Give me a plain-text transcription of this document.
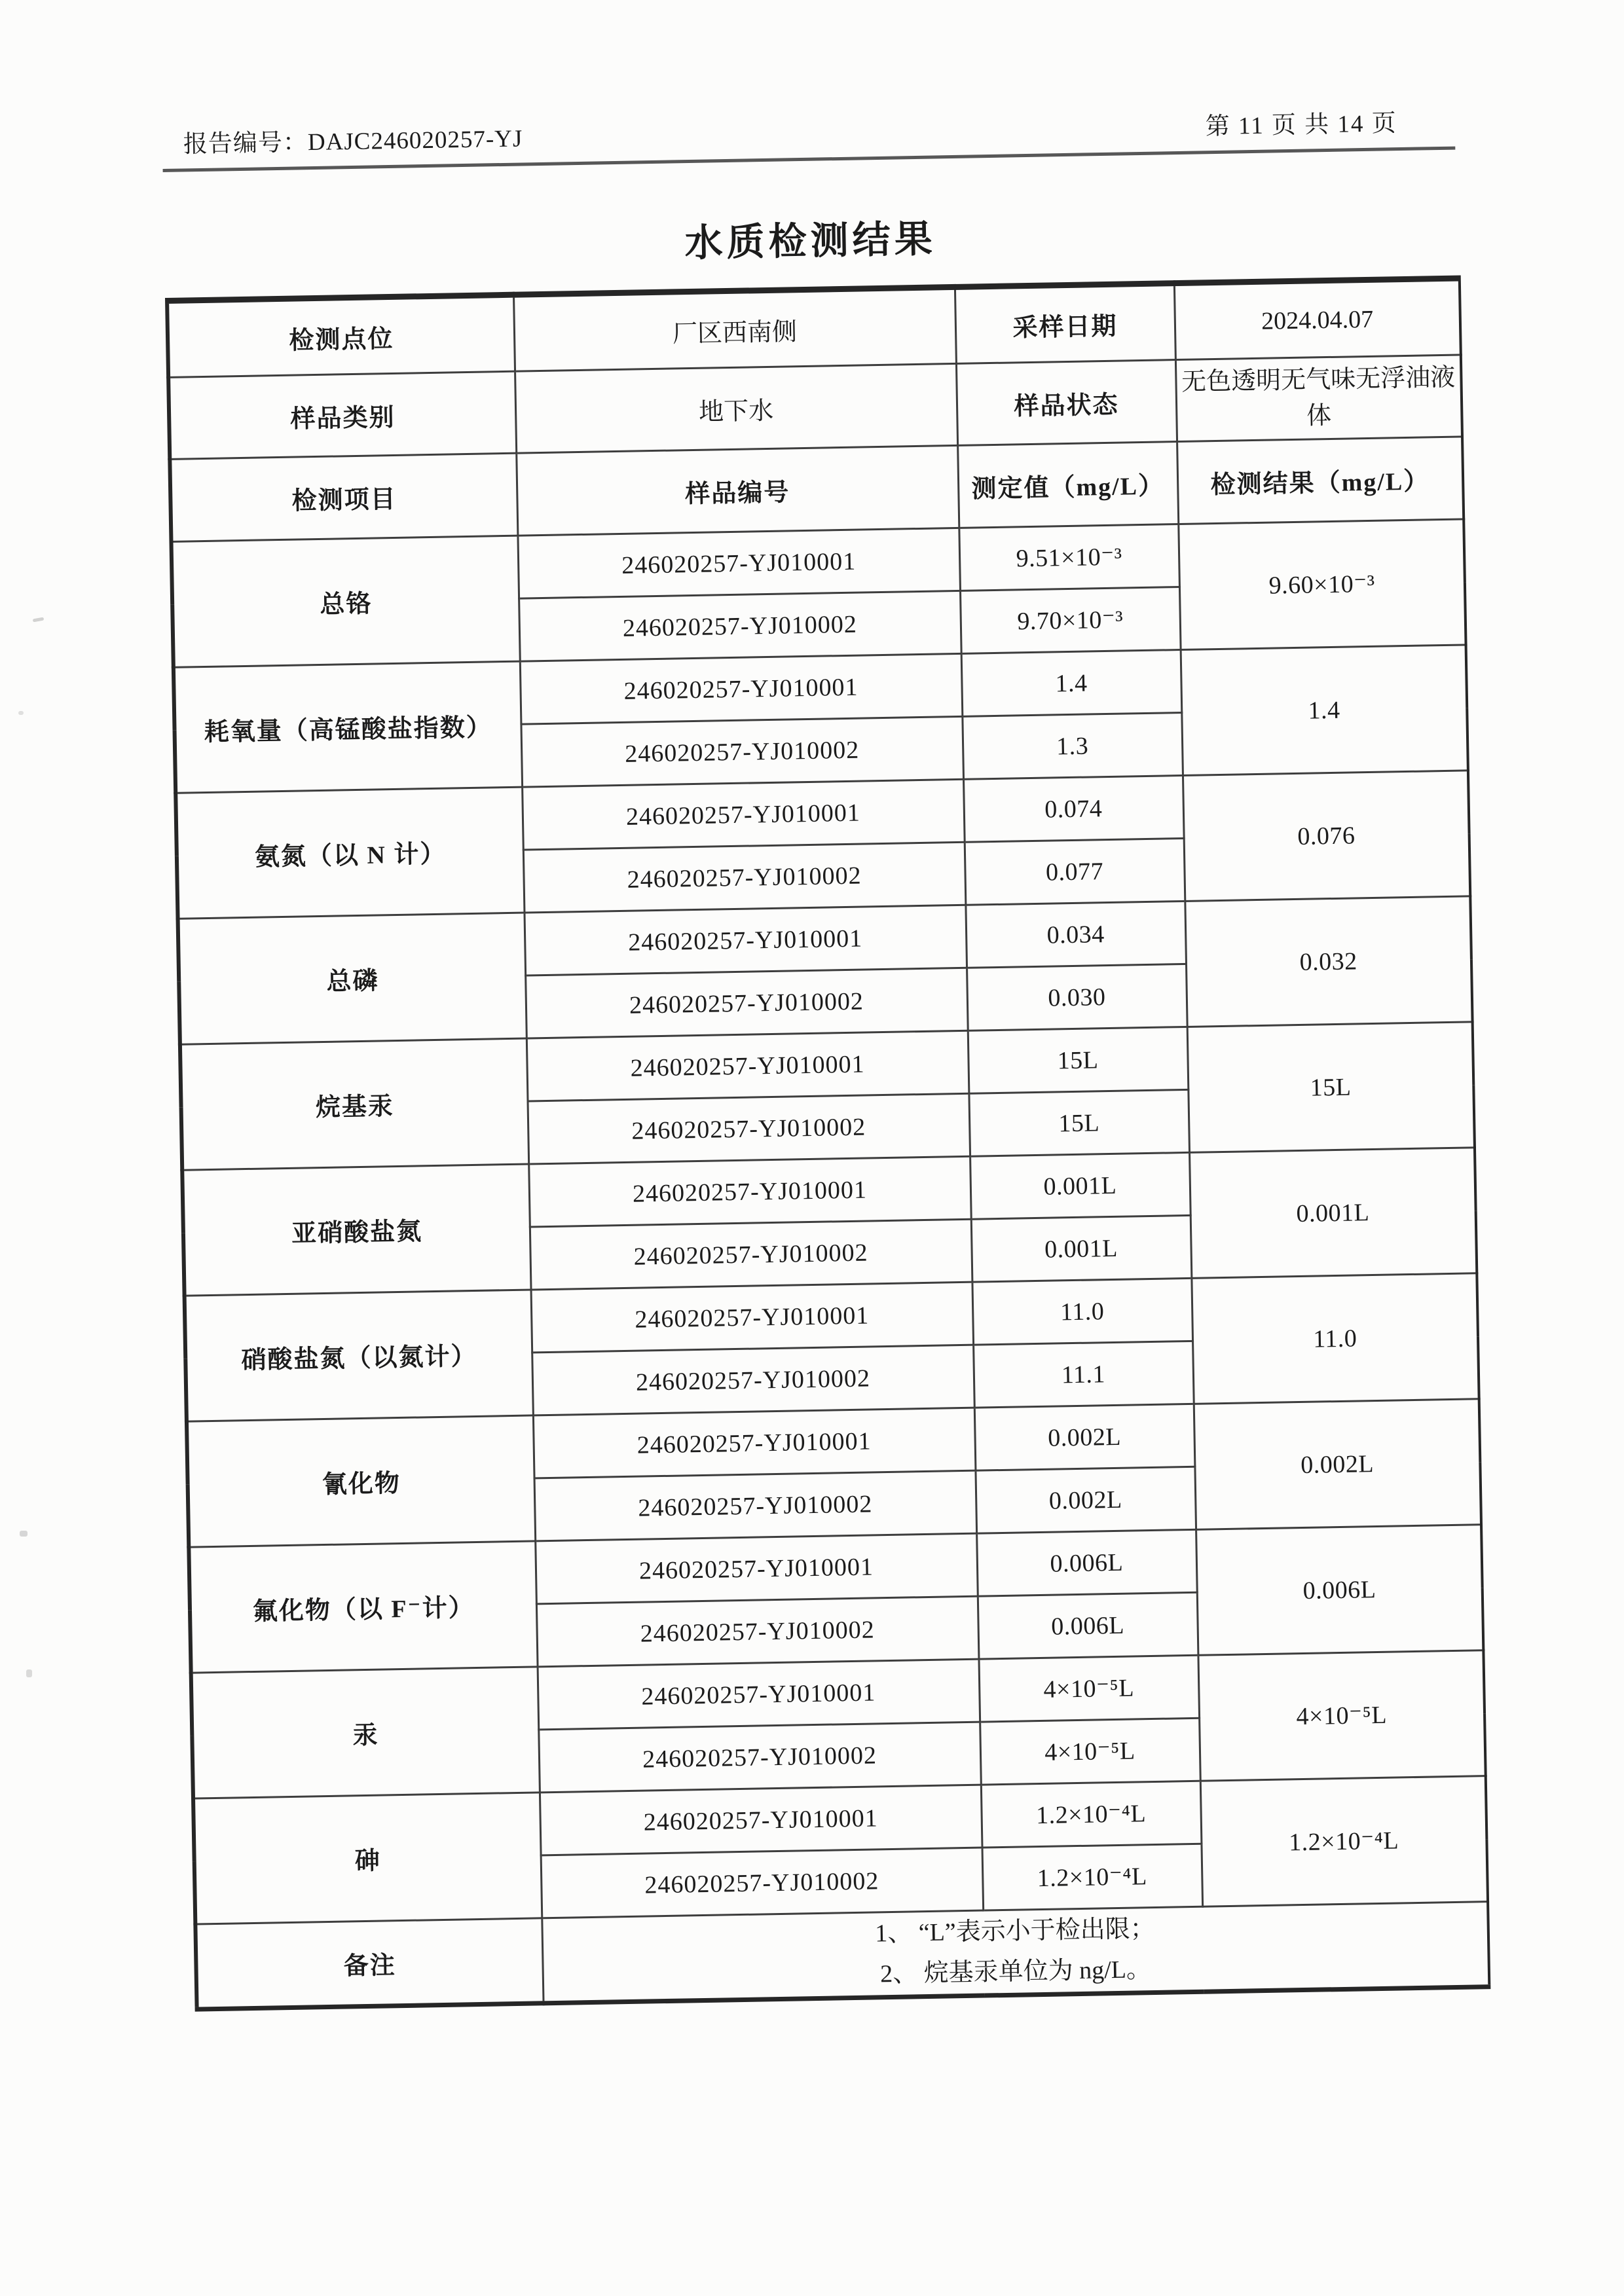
报告编号：DAJC246020257-YJ
第 11 页 共 14 页
水质检测结果
检测点位	厂区西南侧	采样日期	2024.04.07
样品类别	地下水	样品状态	无色透明无气味无浮油液体
检测项目	样品编号	测定值（mg/L）	检测结果（mg/L）
总铬	246020257-YJ010001	9.51×10⁻³	9.60×10⁻³
	246020257-YJ010002	9.70×10⁻³	
耗氧量（高锰酸盐指数）	246020257-YJ010001	1.4	1.4
	246020257-YJ010002	1.3	
氨氮（以 N 计）	246020257-YJ010001	0.074	0.076
	246020257-YJ010002	0.077	
总磷	246020257-YJ010001	0.034	0.032
	246020257-YJ010002	0.030	
烷基汞	246020257-YJ010001	15L	15L
	246020257-YJ010002	15L	
亚硝酸盐氮	246020257-YJ010001	0.001L	0.001L
	246020257-YJ010002	0.001L	
硝酸盐氮（以氮计）	246020257-YJ010001	11.0	11.0
	246020257-YJ010002	11.1	
氰化物	246020257-YJ010001	0.002L	0.002L
	246020257-YJ010002	0.002L	
氟化物（以 F⁻计）	246020257-YJ010001	0.006L	0.006L
	246020257-YJ010002	0.006L	
汞	246020257-YJ010001	4×10⁻⁵L	4×10⁻⁵L
	246020257-YJ010002	4×10⁻⁵L	
砷	246020257-YJ010001	1.2×10⁻⁴L	1.2×10⁻⁴L
	246020257-YJ010002	1.2×10⁻⁴L	
备注	1、 “L”表示小于检出限；
2、 烷基汞单位为 ng/L。		
